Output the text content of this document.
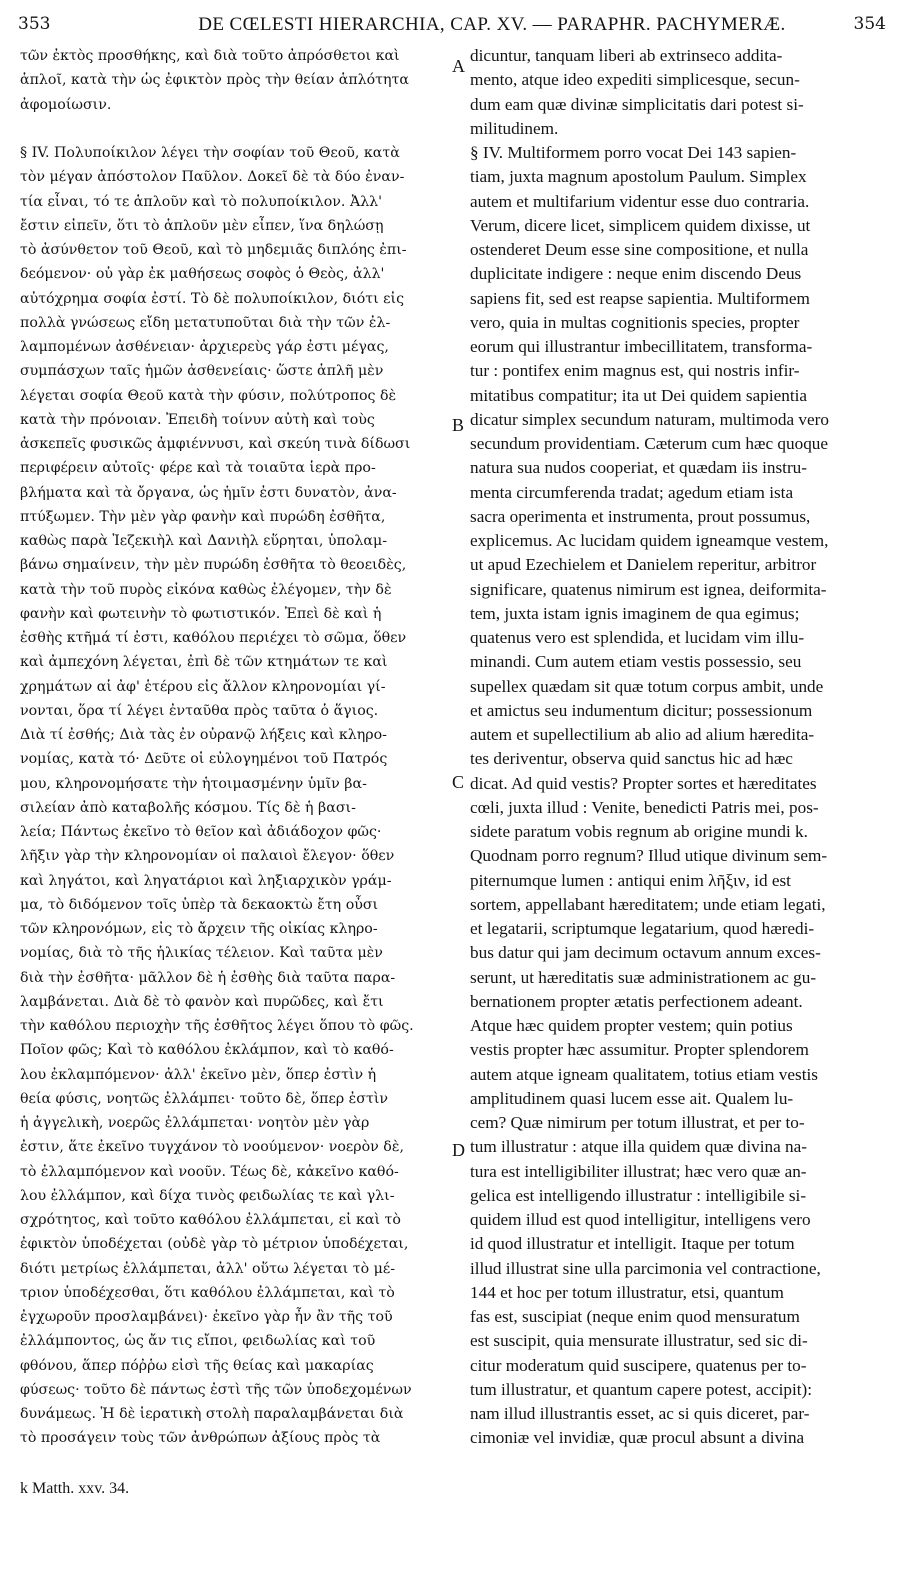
353	DE CŒLESTI HIERARCHIA, CAP. XV. — PARAPHR. PACHYMERÆ.	354
τῶν ἐκτὸς προσθήκης, καὶ διὰ τοῦτο ἀπρόσθετοι καὶ
ἁπλοῖ, κατὰ τὴν ὡς ἐφικτὸν πρὸς τὴν θείαν ἁπλότητα
ἀφομοίωσιν.
§ IV. Πολυποίκιλον λέγει τὴν σοφίαν τοῦ Θεοῦ, κατὰ
τὸν μέγαν ἀπόστολον Παῦλον. Δοκεῖ δὲ τὰ δύο ἐναν-
τία εἶναι, τό τε ἁπλοῦν καὶ τὸ πολυποίκιλον. Ἀλλ'
ἔστιν εἰπεῖν, ὅτι τὸ ἁπλοῦν μὲν εἶπεν, ἵνα δηλώσῃ
τὸ ἀσύνθετον τοῦ Θεοῦ, καὶ τὸ μηδεμιᾶς διπλόης ἐπι-
δεόμενον· οὐ γὰρ ἐκ μαθήσεως σοφὸς ὁ Θεὸς, ἀλλ'
αὐτόχρημα σοφία ἐστί. Τὸ δὲ πολυποίκιλον, διότι εἰς
πολλὰ γνώσεως εἴδη μετατυποῦται διὰ τὴν τῶν ἐλ-
λαμπομένων ἀσθένειαν· ἀρχιερεὺς γάρ ἐστι μέγας,
συμπάσχων ταῖς ἡμῶν ἀσθενείαις· ὥστε ἁπλῆ μὲν
λέγεται σοφία Θεοῦ κατὰ τὴν φύσιν, πολύτροπος δὲ
κατὰ τὴν πρόνοιαν. Ἐπειδὴ τοίνυν αὐτὴ καὶ τοὺς
ἀσκεπεῖς φυσικῶς ἀμφιέννυσι, καὶ σκεύη τινὰ δίδωσι
περιφέρειν αὐτοῖς· φέρε καὶ τὰ τοιαῦτα ἱερὰ προ-
βλήματα καὶ τὰ ὄργανα, ὡς ἡμῖν ἐστι δυνατὸν, ἀνα-
πτύξωμεν. Τὴν μὲν γὰρ φανὴν καὶ πυρώδη ἐσθῆτα,
καθὼς παρὰ Ἰεζεκιὴλ καὶ Δανιὴλ εὕρηται, ὑπολαμ-
βάνω σημαίνειν, τὴν μὲν πυρώδη ἐσθῆτα τὸ θεοειδὲς,
κατὰ τὴν τοῦ πυρὸς εἰκόνα καθὼς ἐλέγομεν, τὴν δὲ
φανὴν καὶ φωτεινὴν τὸ φωτιστικόν. Ἐπεὶ δὲ καὶ ἡ
ἐσθὴς κτῆμά τί ἐστι, καθόλου περιέχει τὸ σῶμα, ὅθεν
καὶ ἀμπεχόνη λέγεται, ἐπὶ δὲ τῶν κτημάτων τε καὶ
χρημάτων αἱ ἀφ' ἑτέρου εἰς ἄλλον κληρονομίαι γί-
νονται, ὅρα τί λέγει ἐνταῦθα πρὸς ταῦτα ὁ ἅγιος.
Διὰ τί ἐσθής; Διὰ τὰς ἐν οὐρανῷ λήξεις καὶ κληρο-
νομίας, κατὰ τό· Δεῦτε οἱ εὐλογημένοι τοῦ Πατρός
μου, κληρονομήσατε τὴν ἡτοιμασμένην ὑμῖν βα-
σιλείαν ἀπὸ καταβολῆς κόσμου. Τίς δὲ ἡ βασι-
λεία; Πάντως ἐκεῖνο τὸ θεῖον καὶ ἀδιάδοχον φῶς·
λῆξιν γὰρ τὴν κληρονομίαν οἱ παλαιοὶ ἔλεγον· ὅθεν
καὶ ληγάτοι, καὶ ληγατάριοι καὶ ληξιαρχικὸν γράμ-
μα, τὸ διδόμενον τοῖς ὑπὲρ τὰ δεκαοκτὼ ἔτη οὖσι
τῶν κληρονόμων, εἰς τὸ ἄρχειν τῆς οἰκίας κληρο-
νομίας, διὰ τὸ τῆς ἡλικίας τέλειον. Καὶ ταῦτα μὲν
διὰ τὴν ἐσθῆτα· μᾶλλον δὲ ἡ ἐσθὴς διὰ ταῦτα παρα-
λαμβάνεται. Διὰ δὲ τὸ φανὸν καὶ πυρῶδες, καὶ ἔτι
τὴν καθόλου περιοχὴν τῆς ἐσθῆτος λέγει ὅπου τὸ φῶς.
Ποῖον φῶς; Καὶ τὸ καθόλου ἐκλάμπον, καὶ τὸ καθό-
λου ἐκλαμπόμενον· ἀλλ' ἐκεῖνο μὲν, ὅπερ ἐστὶν ἡ
θεία φύσις, νοητῶς ἐλλάμπει· τοῦτο δὲ, ὅπερ ἐστὶν
ἡ ἀγγελικὴ, νοερῶς ἐλλάμπεται· νοητὸν μὲν γὰρ
ἐστιν, ἅτε ἐκεῖνο τυγχάνον τὸ νοούμενον· νοερὸν δὲ,
τὸ ἐλλαμπόμενον καὶ νοοῦν. Τέως δὲ, κἀκεῖνο καθό-
λου ἐλλάμπον, καὶ δίχα τινὸς φειδωλίας τε καὶ γλι-
σχρότητος, καὶ τοῦτο καθόλου ἐλλάμπεται, εἰ καὶ τὸ
ἐφικτὸν ὑποδέχεται (οὐδὲ γὰρ τὸ μέτριον ὑποδέχεται,
διότι μετρίως ἐλλάμπεται, ἀλλ' οὕτω λέγεται τὸ μέ-
τριον ὑποδέχεσθαι, ὅτι καθόλου ἐλλάμπεται, καὶ τὸ
ἐγχωροῦν προσλαμβάνει)· ἐκεῖνο γὰρ ἦν ἂν τῆς τοῦ
ἐλλάμποντος, ὡς ἄν τις εἴποι, φειδωλίας καὶ τοῦ
φθόνου, ἅπερ πόῤῥω εἰσὶ τῆς θείας καὶ μακαρίας
φύσεως· τοῦτο δὲ πάντως ἐστὶ τῆς τῶν ὑποδεχομένων
δυνάμεως. Ἡ δὲ ἱερατικὴ στολὴ παραλαμβάνεται διὰ
τὸ προσάγειν τοὺς τῶν ἀνθρώπων ἀξίους πρὸς τὰ
dicuntur, tanquam liberi ab extrinseco addita-
mento, atque ideo expediti simplicesque, secun-
dum eam quæ divinæ simplicitatis dari potest si-
militudinem.
§ IV. Multiformem porro vocat Dei 143 sapien-
tiam, juxta magnum apostolum Paulum. Simplex
autem et multifarium videntur esse duo contraria.
Verum, dicere licet, simplicem quidem dixisse, ut
ostenderet Deum esse sine compositione, et nulla
duplicitate indigere : neque enim discendo Deus
sapiens fit, sed est reapse sapientia. Multiformem
vero, quia in multas cognitionis species, propter
eorum qui illustrantur imbecillitatem, transforma-
tur : pontifex enim magnus est, qui nostris infir-
mitatibus compatitur; ita ut Dei quidem sapientia
dicatur simplex secundum naturam, multimoda vero
secundum providentiam. Cæterum cum hæc quoque
natura sua nudos cooperiat, et quædam iis instru-
menta circumferenda tradat; agedum etiam ista
sacra operimenta et instrumenta, prout possumus,
explicemus. Ac lucidam quidem igneamque vestem,
ut apud Ezechielem et Danielem reperitur, arbitror
significare, quatenus nimirum est ignea, deiformita-
tem, juxta istam ignis imaginem de qua egimus;
quatenus vero est splendida, et lucidam vim illu-
minandi. Cum autem etiam vestis possessio, seu
supellex quædam sit quæ totum corpus ambit, unde
et amictus seu indumentum dicitur; possessionum
autem et supellectilium ab alio ad alium hæredita-
tes deriventur, observa quid sanctus hic ad hæc
dicat. Ad quid vestis? Propter sortes et hæreditates
cœli, juxta illud : Venite, benedicti Patris mei, pos-
sidete paratum vobis regnum ab origine mundi k.
Quodnam porro regnum? Illud utique divinum sem-
piternumque lumen : antiqui enim λῆξιν, id est
sortem, appellabant hæreditatem; unde etiam legati,
et legatarii, scriptumque legatarium, quod hæredi-
bus datur qui jam decimum octavum annum exces-
serunt, ut hæreditatis suæ administrationem ac gu-
bernationem propter ætatis perfectionem adeant.
Atque hæc quidem propter vestem; quin potius
vestis propter hæc assumitur. Propter splendorem
autem atque igneam qualitatem, totius etiam vestis
amplitudinem quasi lucem esse ait. Qualem lu-
cem? Quæ nimirum per totum illustrat, et per to-
tum illustratur : atque illa quidem quæ divina na-
tura est intelligibiliter illustrat; hæc vero quæ an-
gelica est intelligendo illustratur : intelligibile si-
quidem illud est quod intelligitur, intelligens vero
id quod illustratur et intelligit. Itaque per totum
illud illustrat sine ulla parcimonia vel contractione,
144 et hoc per totum illustratur, etsi, quantum
fas est, suscipiat (neque enim quod mensuratum
est suscipit, quia mensurate illustratur, sed sic di-
citur moderatum quid suscipere, quatenus per to-
tum illustratur, et quantum capere potest, accipit):
nam illud illustrantis esset, ac si quis diceret, par-
cimoniæ vel invidiæ, quæ procul absunt a divina
A
B
C
D
k Matth. xxv. 34.
